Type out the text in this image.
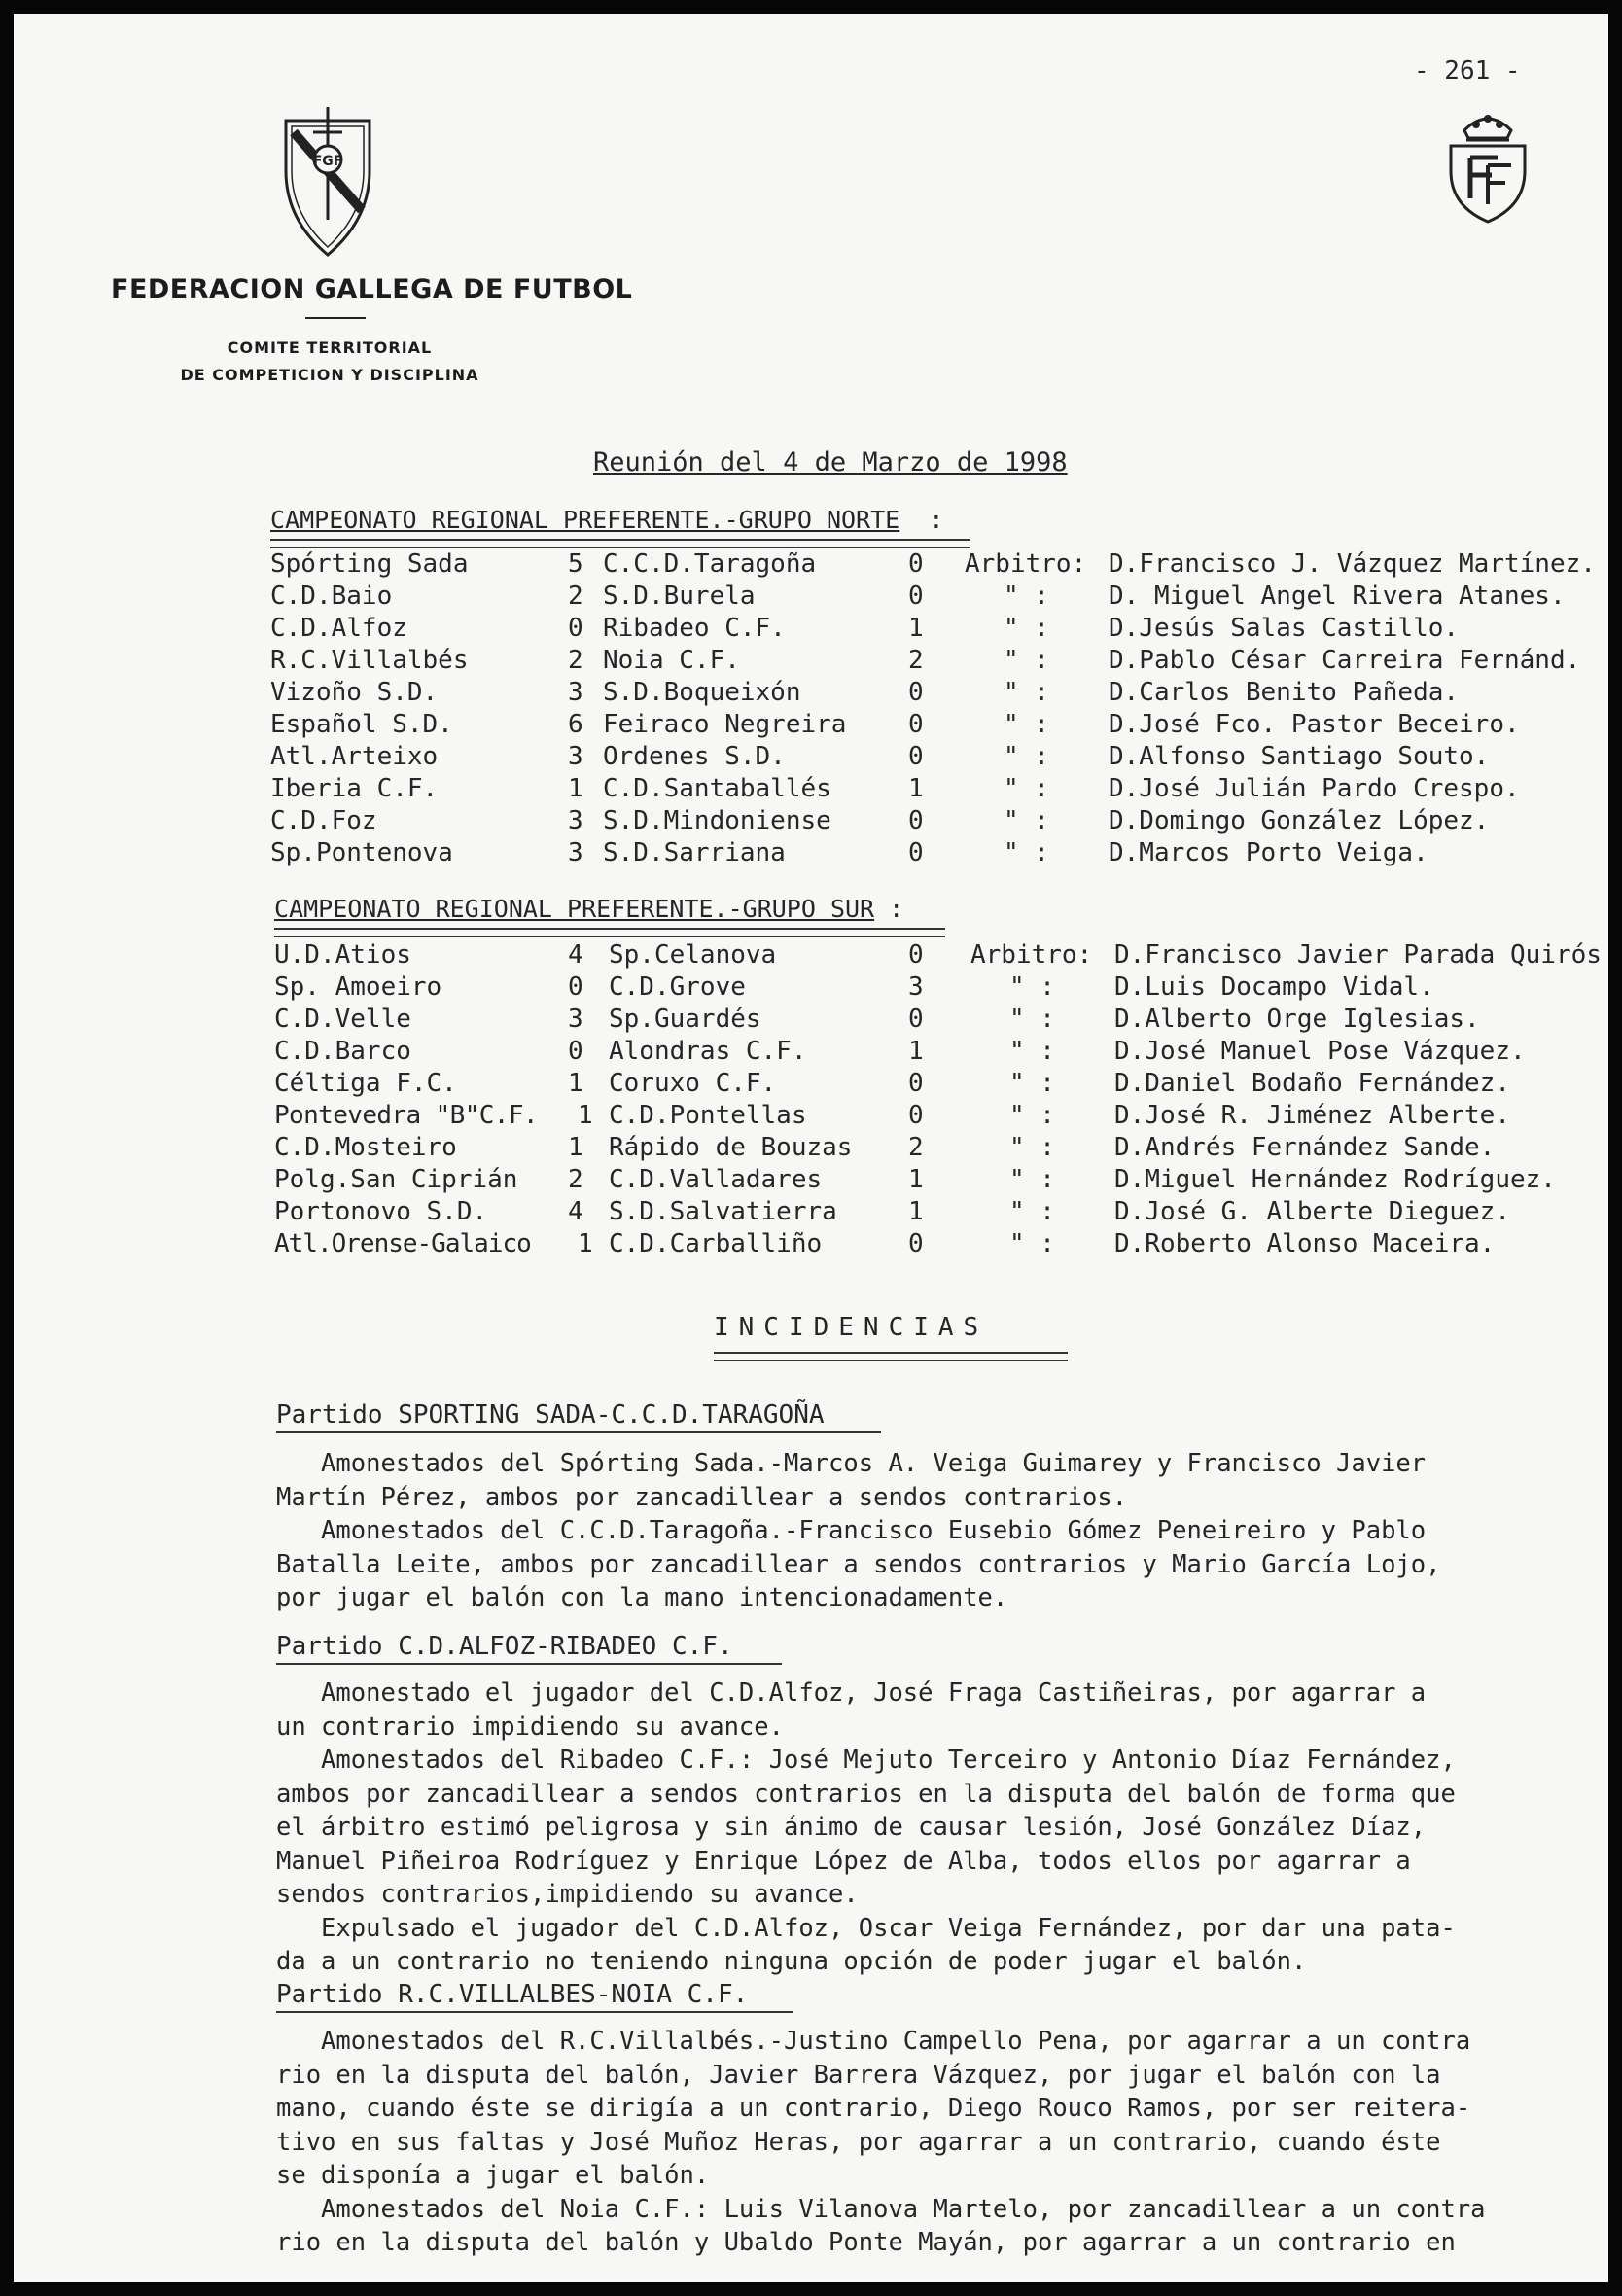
- 261 -
FGF
FEDERACION GALLEGA DE FUTBOL
COMITE TERRITORIAL
DE COMPETICION Y DISCIPLINA
Reunión del 4 de Marzo de 1998
CAMPEONATO REGIONAL PREFERENTE.-GRUPO NORTE :
Spórting Sada	5 C.C.D.Taragoña	0 Arbitro: D.Francisco J. Vázquez Martínez.
C.D.Baio	2 S.D.Burela	0	" : D. Miguel Angel Rivera Atanes.
C.D.Alfoz	0 Ribadeo C.F.	1	" : D.Jesús Salas Castillo.
R.C.Villalbés	2 Noia C.F.	2	" : D.Pablo César Carreira Fernánd.
Vizoño S.D.	3 S.D.Boqueixón	0	" : D.Carlos Benito Pañeda.
Español S.D.	6 Feiraco Negreira 0	" : D.José Fco. Pastor Beceiro.
Atl.Arteixo	3 Ordenes S.D.	0	" : D.Alfonso Santiago Souto.
Iberia C.F.	1 C.D.Santaballés	1	" : D.José Julián Pardo Crespo.
C.D.Foz	3 S.D.Mindoniense	0	" : D.Domingo González López.
Sp.Pontenova	3 S.D.Sarriana	0	" : D.Marcos Porto Veiga.
CAMPEONATO REGIONAL PREFERENTE.-GRUPO SUR :
U.D.Atios	4 Sp.Celanova	0 Arbitro: D.Francisco Javier Parada Quirós
Sp. Amoeiro	0 C.D.Grove	3	" : D.Luis Docampo Vidal.
C.D.Velle	3 Sp.Guardés	0	" : D.Alberto Orge Iglesias.
C.D.Barco	0 Alondras C.F.	1	" : D.José Manuel Pose Vázquez.
Céltiga F.C.	1 Coruxo C.F.	0	" : D.Daniel Bodaño Fernández.
Pontevedra "B"C.F. 1 C.D.Pontellas	0	" : D.José R. Jiménez Alberte.
C.D.Mosteiro	1 Rápido de Bouzas 2	" : D.Andrés Fernández Sande.
Polg.San Ciprián 2 C.D.Valladares	1	" : D.Miguel Hernández Rodríguez.
Portonovo S.D.	4 S.D.Salvatierra	1	" : D.José G. Alberte Dieguez.
Atl.Orense-Galaico 1 C.D.Carballiño	0	" : D.Roberto Alonso Maceira.
INCIDENCIAS
Partido SPORTING SADA-C.C.D.TARAGOÑA

Amonestados del Spórting Sada.-Marcos A. Veiga Guimarey y Francisco Javier

Martín Pérez, ambos por zancadillear a sendos contrarios.

Amonestados del C.C.D.Taragoña.-Francisco Eusebio Gómez Peneireiro y Pablo

Batalla Leite, ambos por zancadillear a sendos contrarios y Mario García Lojo,

por jugar el balón con la mano intencionadamente.

Partido C.D.ALFOZ-RIBADEO C.F.

Amonestado el jugador del C.D.Alfoz, José Fraga Castiñeiras, por agarrar a

un contrario impidiendo su avance.

Amonestados del Ribadeo C.F.: José Mejuto Terceiro y Antonio Díaz Fernández,

ambos por zancadillear a sendos contrarios en la disputa del balón de forma que

el árbitro estimó peligrosa y sin ánimo de causar lesión, José González Díaz,

Manuel Piñeiroa Rodríguez y Enrique López de Alba, todos ellos por agarrar a

sendos contrarios,impidiendo su avance.

Expulsado el jugador del C.D.Alfoz, Oscar Veiga Fernández, por dar una pata-

da a un contrario no teniendo ninguna opción de poder jugar el balón.

Partido R.C.VILLALBES-NOIA C.F.

Amonestados del R.C.Villalbés.-Justino Campello Pena, por agarrar a un contra

rio en la disputa del balón, Javier Barrera Vázquez, por jugar el balón con la

mano, cuando éste se dirigía a un contrario, Diego Rouco Ramos, por ser reitera-

tivo en sus faltas y José Muñoz Heras, por agarrar a un contrario, cuando éste

se disponía a jugar el balón.

Amonestados del Noia C.F.: Luis Vilanova Martelo, por zancadillear a un contra

rio en la disputa del balón y Ubaldo Ponte Mayán, por agarrar a un contrario en
